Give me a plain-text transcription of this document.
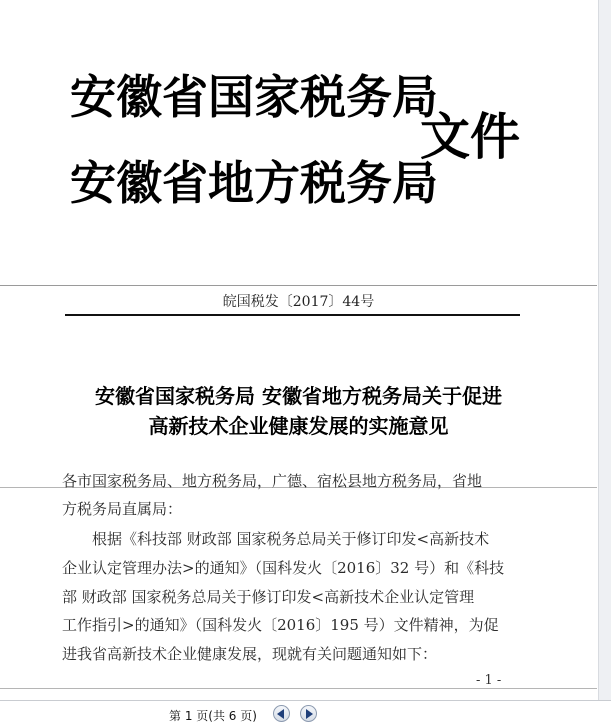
安徽省国家税务局
安徽省地方税务局
文件
皖国税发〔2017〕44号
安徽省国家税务局 安徽省地方税务局关于促进
高新技术企业健康发展的实施意见
各市国家税务局、地方税务局，广德、宿松县地方税务局，省地
方税务局直属局：
根据《科技部 财政部 国家税务总局关于修订印发<高新技术
企业认定管理办法>的通知》（国科发火〔2016〕32 号）和《科技
部 财政部 国家税务总局关于修订印发<高新技术企业认定管理
工作指引>的通知》（国科发火〔2016〕195 号）文件精神，为促
进我省高新技术企业健康发展，现就有关问题通知如下：
- 1 -
第 1 页(共 6 页)
